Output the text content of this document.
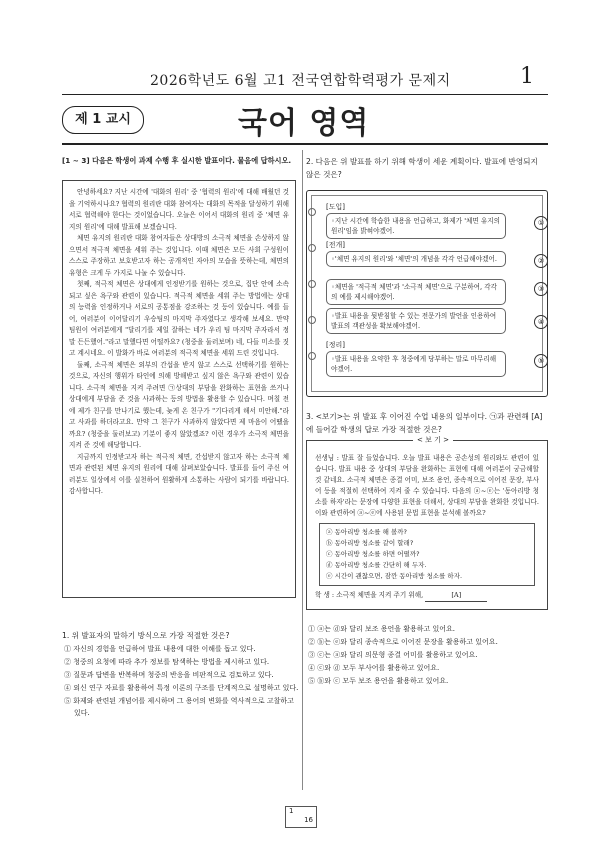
2026학년도 6월 고1 전국연합학력평가 문제지	1
제 1 교시	국어 영역
[1 ~ 3] 다음은 학생이 과제 수행 후 실시한 발표이다. 물음에 답하시오.

안녕하세요? 지난 시간에 '대화의 원리' 중 '협력의 원리'에 대해 배웠던 것을 기억하시나요? 협력의 원리란 대화 참여자는 대화의 목적을 달성하기 위해 서로 협력해야 한다는 것이었습니다. 오늘은 이어서 대화의 원리 중 '체면 유지의 원리'에 대해 발표해 보겠습니다.

체면 유지의 원리란 대화 참여자들은 상대방의 소극적 체면을 손상하지 않으면서 적극적 체면을 세워 주는 것입니다. 이때 체면은 모든 사회 구성원이 스스로 주장하고 보호받고자 하는 공개적인 자아의 모습을 뜻하는데, 체면의 유형은 크게 두 가지로 나눌 수 있습니다.

첫째, 적극적 체면은 상대에게 인정받기를 원하는 것으로, 집단 안에 소속되고 싶은 욕구와 관련이 있습니다. 적극적 체면을 세워 주는 방법에는 상대의 능력을 인정하거나 서로의 공통점을 강조하는 것 등이 있습니다. 예를 들어, 여러분이 이어달리기 우승팀의 마지막 주자였다고 생각해 보세요. 만약 팀원이 여러분에게 "달리기를 제일 잘하는 네가 우리 팀 마지막 주자라서 정말 든든했어."라고 말했다면 어떨까요? (청중을 둘러보며) 네, 다들 미소를 짓고 계시네요. 이 발화가 바로 여러분의 적극적 체면을 세워 드린 것입니다.

둘째, 소극적 체면은 외부의 간섭을 받지 않고 스스로 선택하기를 원하는 것으로, 자신의 행위가 타인에 의해 방해받고 싶지 않은 욕구와 관련이 있습니다. 소극적 체면을 지켜 주려면 ㉠상대의 부담을 완화하는 표현을 쓰거나 상대에게 부담을 준 것을 사과하는 등의 방법을 활용할 수 있습니다. 며칠 전에 제가 친구를 만나기로 했는데, 늦게 온 친구가 "기다리게 해서 미안해."라고 사과를 하더라고요. 만약 그 친구가 사과하지 않았다면 제 마음이 어땠을까요? (청중을 둘러보고) 기분이 좋지 않았겠죠? 이런 경우가 소극적 체면을 지켜 준 것에 해당합니다.

지금까지 인정받고자 하는 적극적 체면, 간섭받지 않고자 하는 소극적 체면과 관련된 체면 유지의 원리에 대해 살펴보았습니다. 발표를 들어 주신 여러분도 일상에서 이를 실천하여 원활하게 소통하는 사람이 되기를 바랍니다. 감사합니다.

1. 위 발표자의 말하기 방식으로 가장 적절한 것은?
① 자신의 경험을 언급하여 발표 내용에 대한 이해를 돕고 있다.
② 청중의 요청에 따라 추가 정보를 탐색하는 방법을 제시하고 있다.
③ 질문과 답변을 반복하며 청중의 반응을 비판적으로 검토하고 있다.
④ 외신 연구 자료를 활용하여 특정 이론의 구조를 단계적으로 설명하고 있다.
⑤ 화제와 관련된 개념어를 제시하며 그 용어의 변화를 역사적으로 고찰하고 있다.
2. 다음은 위 발표를 하기 위해 학생이 세운 계획이다. 발표에 반영되지 않은 것은?
[도입]
◦지난 시간에 학습한 내용을 언급하고, 화제가 '체면 유지의 원리'임을 밝혀야겠어.
①
[전개]
◦'체면 유지의 원리'와 '체면'의 개념을 각각 언급해야겠어.	②
◦체면을 '적극적 체면'과 '소극적 체면'으로 구분하여, 각각의 예를 제시해야겠어.
③
◦발표 내용을 뒷받침할 수 있는 전문가의 발언을 인용하여 발표의 객관성을 확보해야겠어.	④
[정리]
◦발표 내용을 요약한 후 청중에게 당부하는 말로 마무리해야겠어.
⑤
3. <보기>는 위 발표 후 이어진 수업 내용의 일부이다. ㉠과 관련해 [A]에 들어갈 학생의 답로 가장 적절한 것은?
< 보 기 >

선생님 : 발표 잘 들었습니다. 오늘 발표 내용은 공손성의 원리와도 관련이 있습니다. 발표 내용 중 상대의 부담을 완화하는 표현에 대해 여러분이 궁금해할 것 같네요. 소극적 체면은 종결 어미, 보조 용언, 종속적으로 이어진 문장, 부사어 등을 적절히 선택하여 지켜 줄 수 있습니다. 다음의 ⓐ~ⓔ는 '동아리방 청소를 하자'라는 문장에 다양한 표현을 더해서, 상대의 부담을 완화한 것입니다. 이와 관련하여 ⓐ~ⓔ에 사용된 문법 표현을 분석해 볼까요?

ⓐ 동아리방 청소를 해 볼까?
ⓑ 동아리방 청소를 같이 할래?
ⓒ 동아리방 청소를 하면 어떨까?
ⓓ 동아리방 청소를 간단히 해 두자.
ⓔ 시간이 괜찮으면, 잠깐 동아리방 청소를 하자.

학 생 : 소극적 체면을 지켜 주기 위해,	[A]

① ⓐ는 ⓓ와 달리 보조 용언을 활용하고 있어요.
② ⓑ는 ⓔ와 달리 종속적으로 이어진 문장을 활용하고 있어요.
③ ⓒ는 ⓐ와 달리 의문형 종결 어미를 활용하고 있어요.
④ ⓒ와 ⓓ 모두 부사어를 활용하고 있어요.
⑤ ⓑ와 ⓒ 모두 보조 용언을 활용하고 있어요.
1
16
